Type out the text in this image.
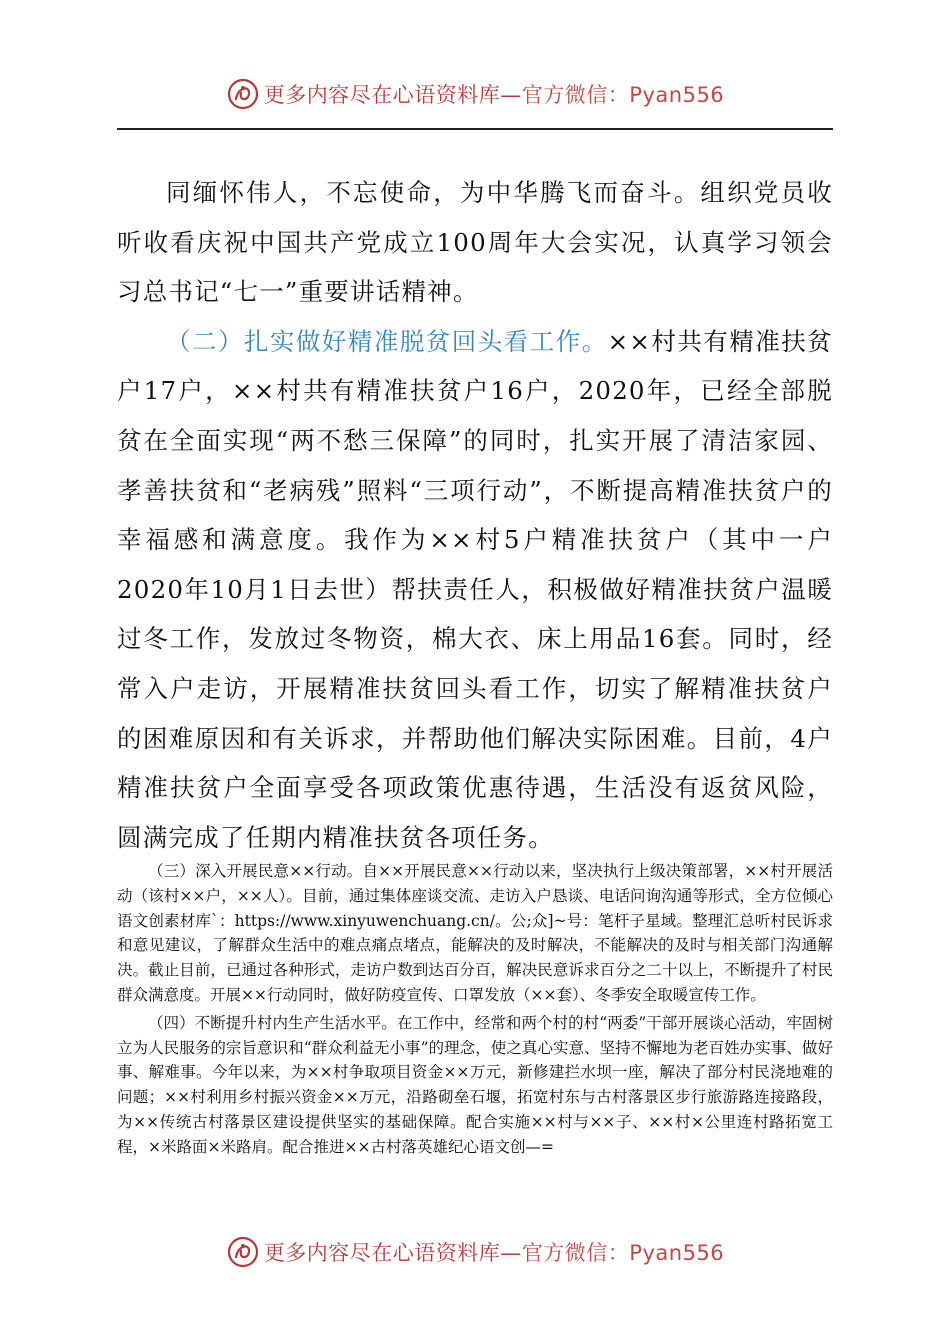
更多内容尽在心语资料库—官方微信：Pyan556

同缅怀伟人，不忘使命，为中华腾飞而奋斗。组织党员收听收看庆祝中国共产党成立100周年大会实况，认真学习领会习总书记“七一”重要讲话精神。

（二）扎实做好精准脱贫回头看工作。××村共有精准扶贫户17户，××村共有精准扶贫户16户，2020年，已经全部脱贫在全面实现“两不愁三保障”的同时，扎实开展了清洁家园、孝善扶贫和“老病残”照料“三项行动”，不断提高精准扶贫户的幸福感和满意度。我作为××村5户精准扶贫户（其中一户2020年10月1日去世）帮扶责任人，积极做好精准扶贫户温暖过冬工作，发放过冬物资，棉大衣、床上用品16套。同时，经常入户走访，开展精准扶贫回头看工作，切实了解精准扶贫户的困难原因和有关诉求，并帮助他们解决实际困难。目前，4户精准扶贫户全面享受各项政策优惠待遇，生活没有返贫风险，圆满完成了任期内精准扶贫各项任务。

（三）深入开展民意××行动。自××开展民意××行动以来，坚决执行上级决策部署，××村开展活动（该村××户，××人）。目前，通过集体座谈交流、走访入户恳谈、电话问询沟通等形式，全方位倾心语文创素材库`：https://www.xinyuwenchuang.cn/。公;众]~号：笔杆子星域。整理汇总听村民诉求和意见建议，了解群众生活中的难点痛点堵点，能解决的及时解决，不能解决的及时与相关部门沟通解决。截止目前，已通过各种形式，走访户数到达百分百，解决民意诉求百分之二十以上，不断提升了村民群众满意度。开展××行动同时，做好防疫宣传、口罩发放（××套）、冬季安全取暖宣传工作。

（四）不断提升村内生产生活水平。在工作中，经常和两个村的村“两委”干部开展谈心活动，牢固树立为人民服务的宗旨意识和“群众利益无小事”的理念，使之真心实意、坚持不懈地为老百姓办实事、做好事、解难事。今年以来，为××村争取项目资金××万元，新修建拦水坝一座，解决了部分村民浇地难的问题；××村利用乡村振兴资金××万元，沿路砌垒石堰，拓宽村东与古村落景区步行旅游路连接路段，为××传统古村落景区建设提供坚实的基础保障。配合实施××村与××子、××村×公里连村路拓宽工程，×米路面×米路肩。配合推进××古村落英雄纪心语文创—=

更多内容尽在心语资料库—官方微信：Pyan556
